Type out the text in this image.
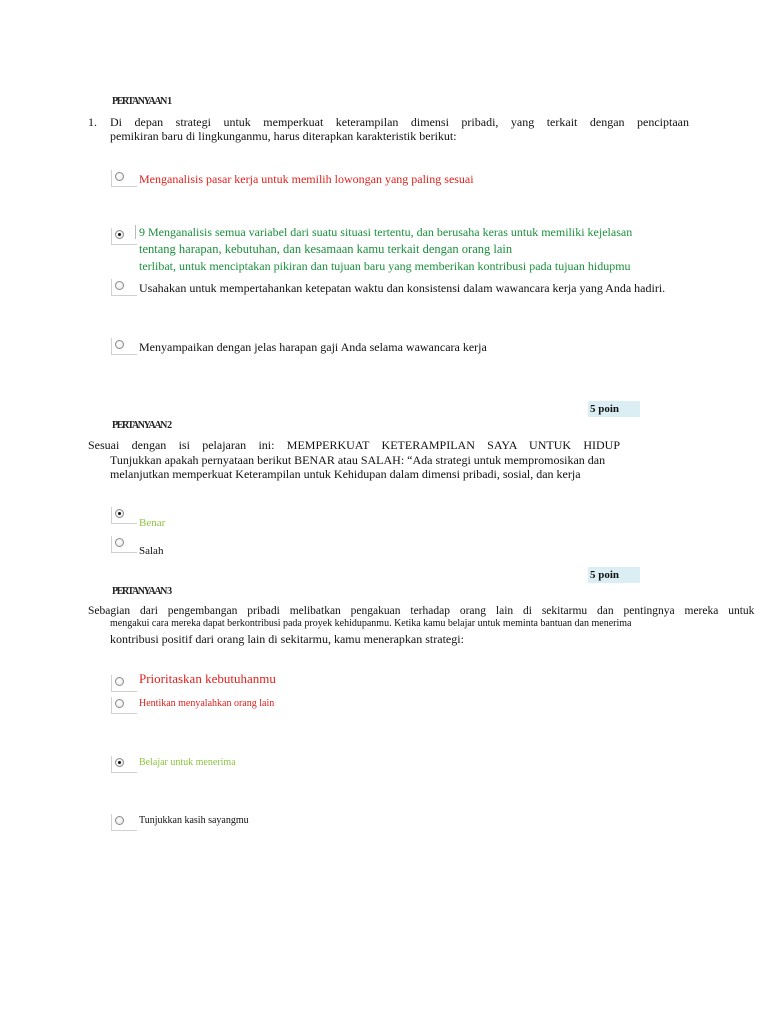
PERTANYAAN 1
1.	Di depan strategi untuk memperkuat keterampilan dimensi pribadi, yang terkait dengan penciptaan
pemikiran baru di lingkunganmu, harus diterapkan karakteristik berikut:
Menganalisis pasar kerja untuk memilih lowongan yang paling sesuai
9 Menganalisis semua variabel dari suatu situasi tertentu, dan berusaha keras untuk memiliki kejelasan
tentang harapan, kebutuhan, dan kesamaan kamu terkait dengan orang lain
terlibat, untuk menciptakan pikiran dan tujuan baru yang memberikan kontribusi pada tujuan hidupmu
Usahakan untuk mempertahankan ketepatan waktu dan konsistensi dalam wawancara kerja yang Anda hadiri.
Menyampaikan dengan jelas harapan gaji Anda selama wawancara kerja
5 poin
PERTANYAAN 2
Sesuai dengan isi pelajaran ini: MEMPERKUAT KETERAMPILAN SAYA UNTUK HIDUP
Tunjukkan apakah pernyataan berikut BENAR atau SALAH: “Ada strategi untuk mempromosikan dan
melanjutkan memperkuat Keterampilan untuk Kehidupan dalam dimensi pribadi, sosial, dan kerja
Benar
Salah
5 poin
PERTANYAAN 3
Sebagian dari pengembangan pribadi melibatkan pengakuan terhadap orang lain di sekitarmu dan pentingnya mereka untuk
mengakui cara mereka dapat berkontribusi pada proyek kehidupanmu. Ketika kamu belajar untuk meminta bantuan dan menerima
kontribusi positif dari orang lain di sekitarmu, kamu menerapkan strategi:
Prioritaskan kebutuhanmu
Hentikan menyalahkan orang lain
Belajar untuk menerima
Tunjukkan kasih sayangmu
